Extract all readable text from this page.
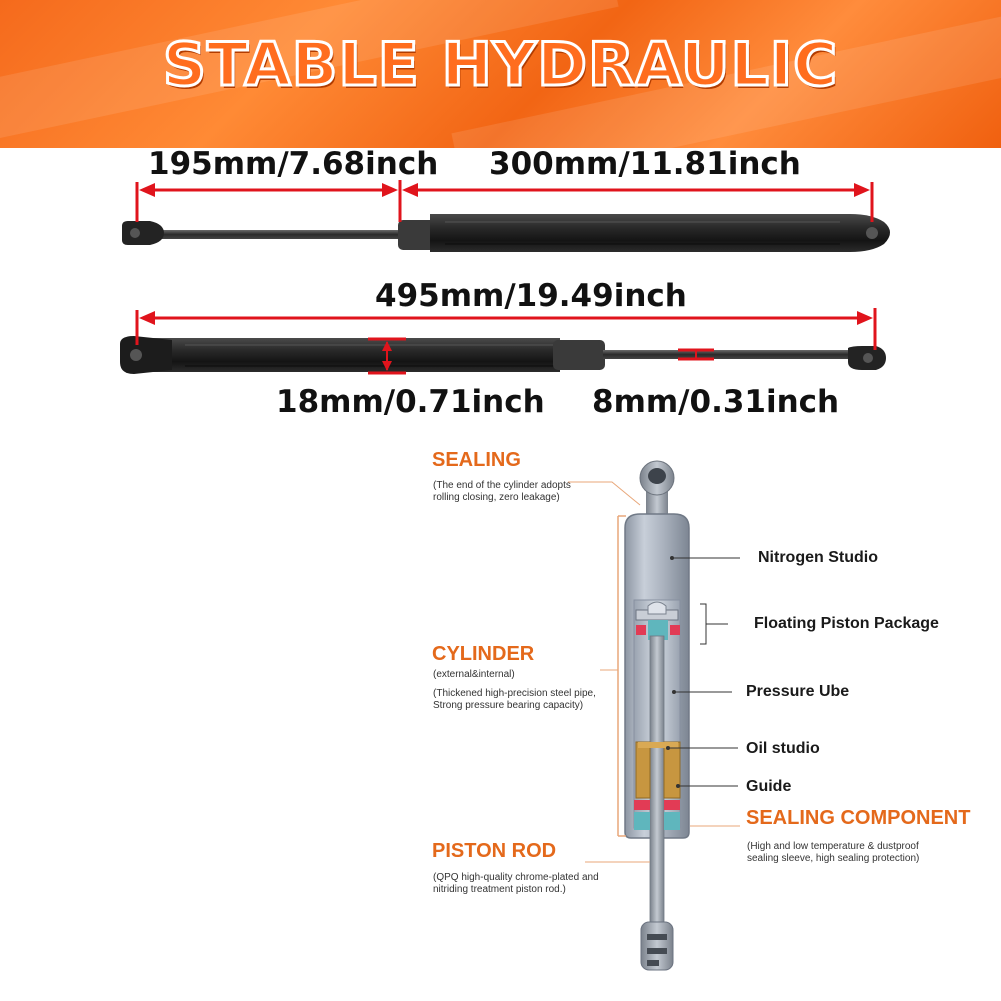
STABLE HYDRAULIC
195mm/7.68inch 300mm/11.81inch
495mm/19.49inch
18mm/0.71inch 8mm/0.31inch
SEALING
(The end of the cylinder adopts
rolling closing, zero leakage)
CYLINDER
(external&internal)
(Thickened high-precision steel pipe,
Strong pressure bearing capacity)
PISTON ROD
(QPQ high-quality chrome-plated and
nitriding treatment piston rod.)
Nitrogen Studio
Floating Piston Package
Pressure Ube
Oil studio
Guide
SEALING COMPONENT
(High and low temperature & dustproof
sealing sleeve, high sealing protection)
